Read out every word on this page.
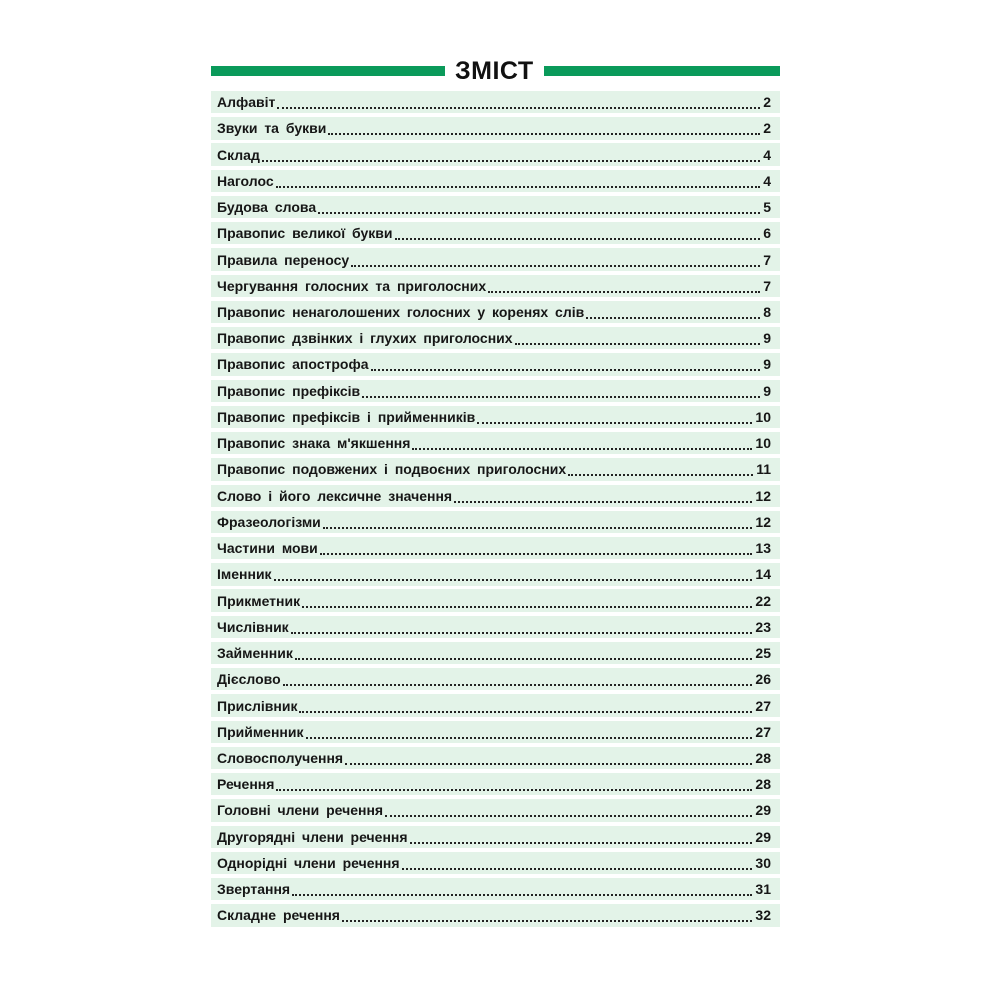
ЗМІСТ
Алфавіт	2
Звуки та букви	2
Склад	4
Наголос	4
Будова слова	5
Правопис великої букви	6
Правила переносу	7
Чергування голосних та приголосних	7
Правопис ненаголошених голосних у коренях слів	8
Правопис дзвінких і глухих приголосних	9
Правопис апострофа	9
Правопис префіксів	9
Правопис префіксів і прийменників	10
Правопис знака м'якшення	10
Правопис подовжених і подвоєних приголосних	11
Слово і його лексичне значення	12
Фразеологізми	12
Частини мови	13
Іменник	14
Прикметник	22
Числівник	23
Займенник	25
Дієслово	26
Прислівник	27
Прийменник	27
Словосполучення	28
Речення	28
Головні члени речення	29
Другорядні члени речення	29
Однорідні члени речення	30
Звертання	31
Складне речення	32
